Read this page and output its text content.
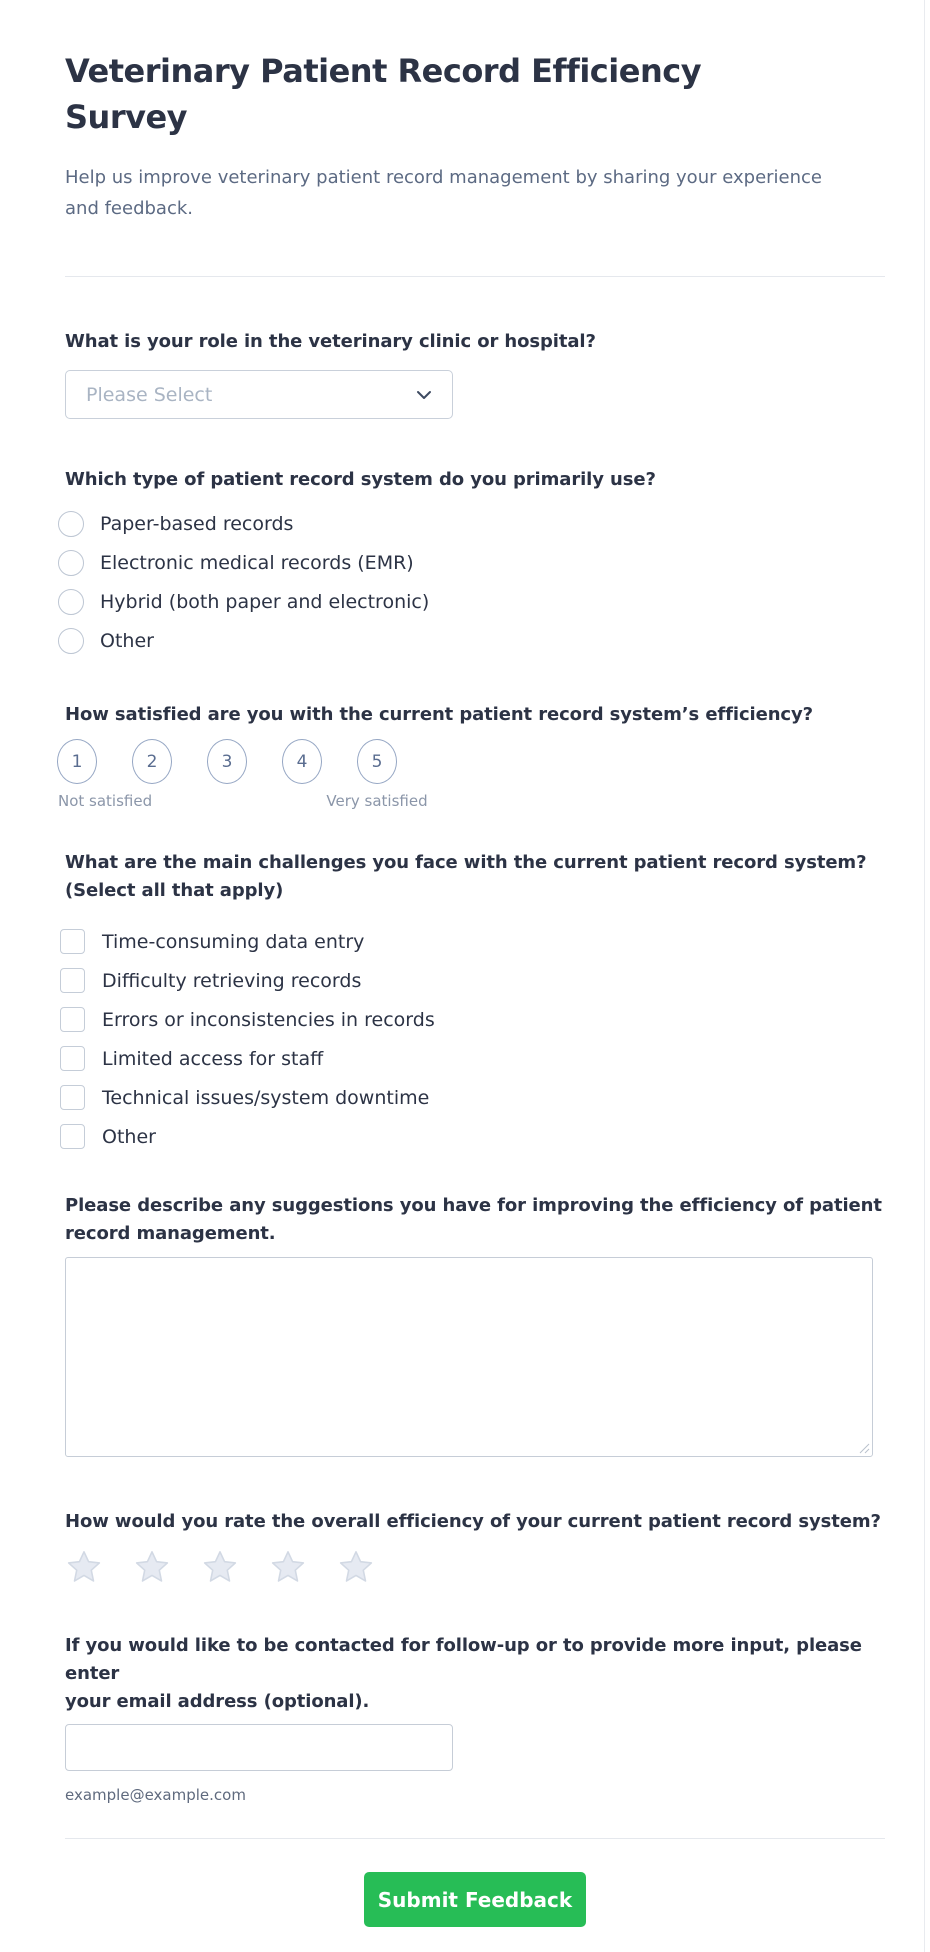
Veterinary Patient Record Efficiency
Survey
Help us improve veterinary patient record management by sharing your experience
and feedback.
What is your role in the veterinary clinic or hospital?
Please Select
Which type of patient record system do you primarily use?
Paper-based records
Electronic medical records (EMR)
Hybrid (both paper and electronic)
Other
How satisfied are you with the current patient record system’s efficiency?
1	2	3	4	5
Not satisfied	Very satisfied
What are the main challenges you face with the current patient record system?
(Select all that apply)
Time-consuming data entry
Difficulty retrieving records
Errors or inconsistencies in records
Limited access for staff
Technical issues/system downtime
Other
Please describe any suggestions you have for improving the efficiency of patient
record management.
How would you rate the overall efficiency of your current patient record system?
If you would like to be contacted for follow-up or to provide more input, please enter
your email address (optional).
example@example.com
Submit Feedback
